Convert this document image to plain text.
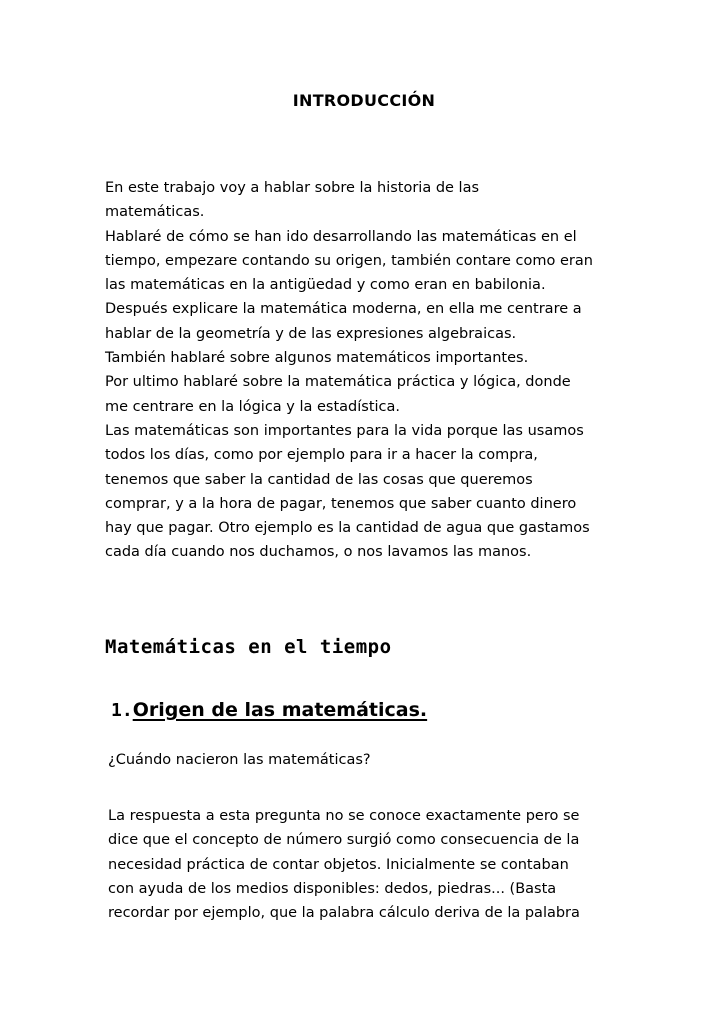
INTRODUCCIÓN
En este trabajo voy a hablar sobre la historia de las
matemáticas.
Hablaré de cómo se han ido desarrollando las matemáticas en el
tiempo, empezare contando su origen, también contare como eran
las matemáticas en la antigüedad y como eran en babilonia.
Después explicare la matemática moderna, en ella me centrare a
hablar de la geometría y de las expresiones algebraicas.
También hablaré sobre algunos matemáticos importantes.
Por ultimo hablaré sobre la matemática práctica y lógica, donde
me centrare en la lógica y la estadística.
Las matemáticas son importantes para la vida porque las usamos
todos los días, como por ejemplo para ir a hacer la compra,
tenemos que saber la cantidad de las cosas que queremos
comprar, y a la hora de pagar, tenemos que saber cuanto dinero
hay que pagar. Otro ejemplo es la cantidad de agua que gastamos
cada día cuando nos duchamos, o nos lavamos las manos.
Matemáticas en el tiempo
1.Origen de las matemáticas.

¿Cuándo nacieron las matemáticas?

La respuesta a esta pregunta no se conoce exactamente pero se
dice que el concepto de número surgió como consecuencia de la
necesidad práctica de contar objetos. Inicialmente se contaban
con ayuda de los medios disponibles: dedos, piedras... (Basta
recordar por ejemplo, que la palabra cálculo deriva de la palabra
